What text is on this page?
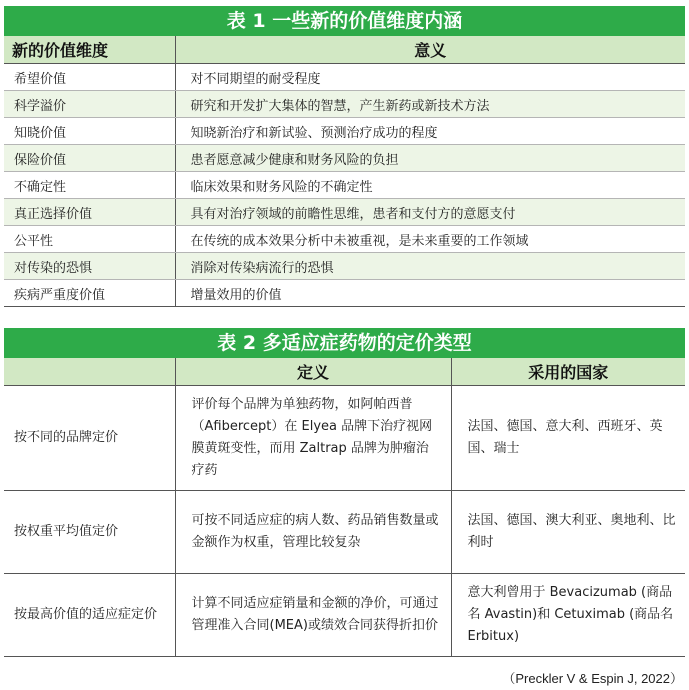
表 1 一些新的价值维度内涵
新的价值维度	意义
希望价值	对不同期望的耐受程度
科学溢价	研究和开发扩大集体的智慧，产生新药或新技术方法
知晓价值	知晓新治疗和新试验、预测治疗成功的程度
保险价值	患者愿意减少健康和财务风险的负担
不确定性	临床效果和财务风险的不确定性
真正选择价值	具有对治疗领域的前瞻性思维，患者和支付方的意愿支付
公平性	在传统的成本效果分析中未被重视，是未来重要的工作领域
对传染的恐惧	消除对传染病流行的恐惧
疾病严重度价值	增量效用的价值
表 2 多适应症药物的定价类型
	定义	采用的国家
按不同的品牌定价	评价每个品牌为单独药物，如阿帕西普（Afibercept）在 Elyea 品牌下治疗视网膜黄斑变性，而用 Zaltrap 品牌为肿瘤治疗药	法国、德国、意大利、西班牙、英国、瑞士
按权重平均值定价	可按不同适应症的病人数、药品销售数量或金额作为权重，管理比较复杂	法国、德国、澳大利亚、奥地利、比利时
按最高价值的适应症定价	计算不同适应症销量和金额的净价，可通过管理准入合同(MEA)或绩效合同获得折扣价	意大利曾用于 Bevacizumab (商品名 Avastin)和 Cetuximab (商品名 Erbitux)
（Preckler V & Espin J, 2022）
